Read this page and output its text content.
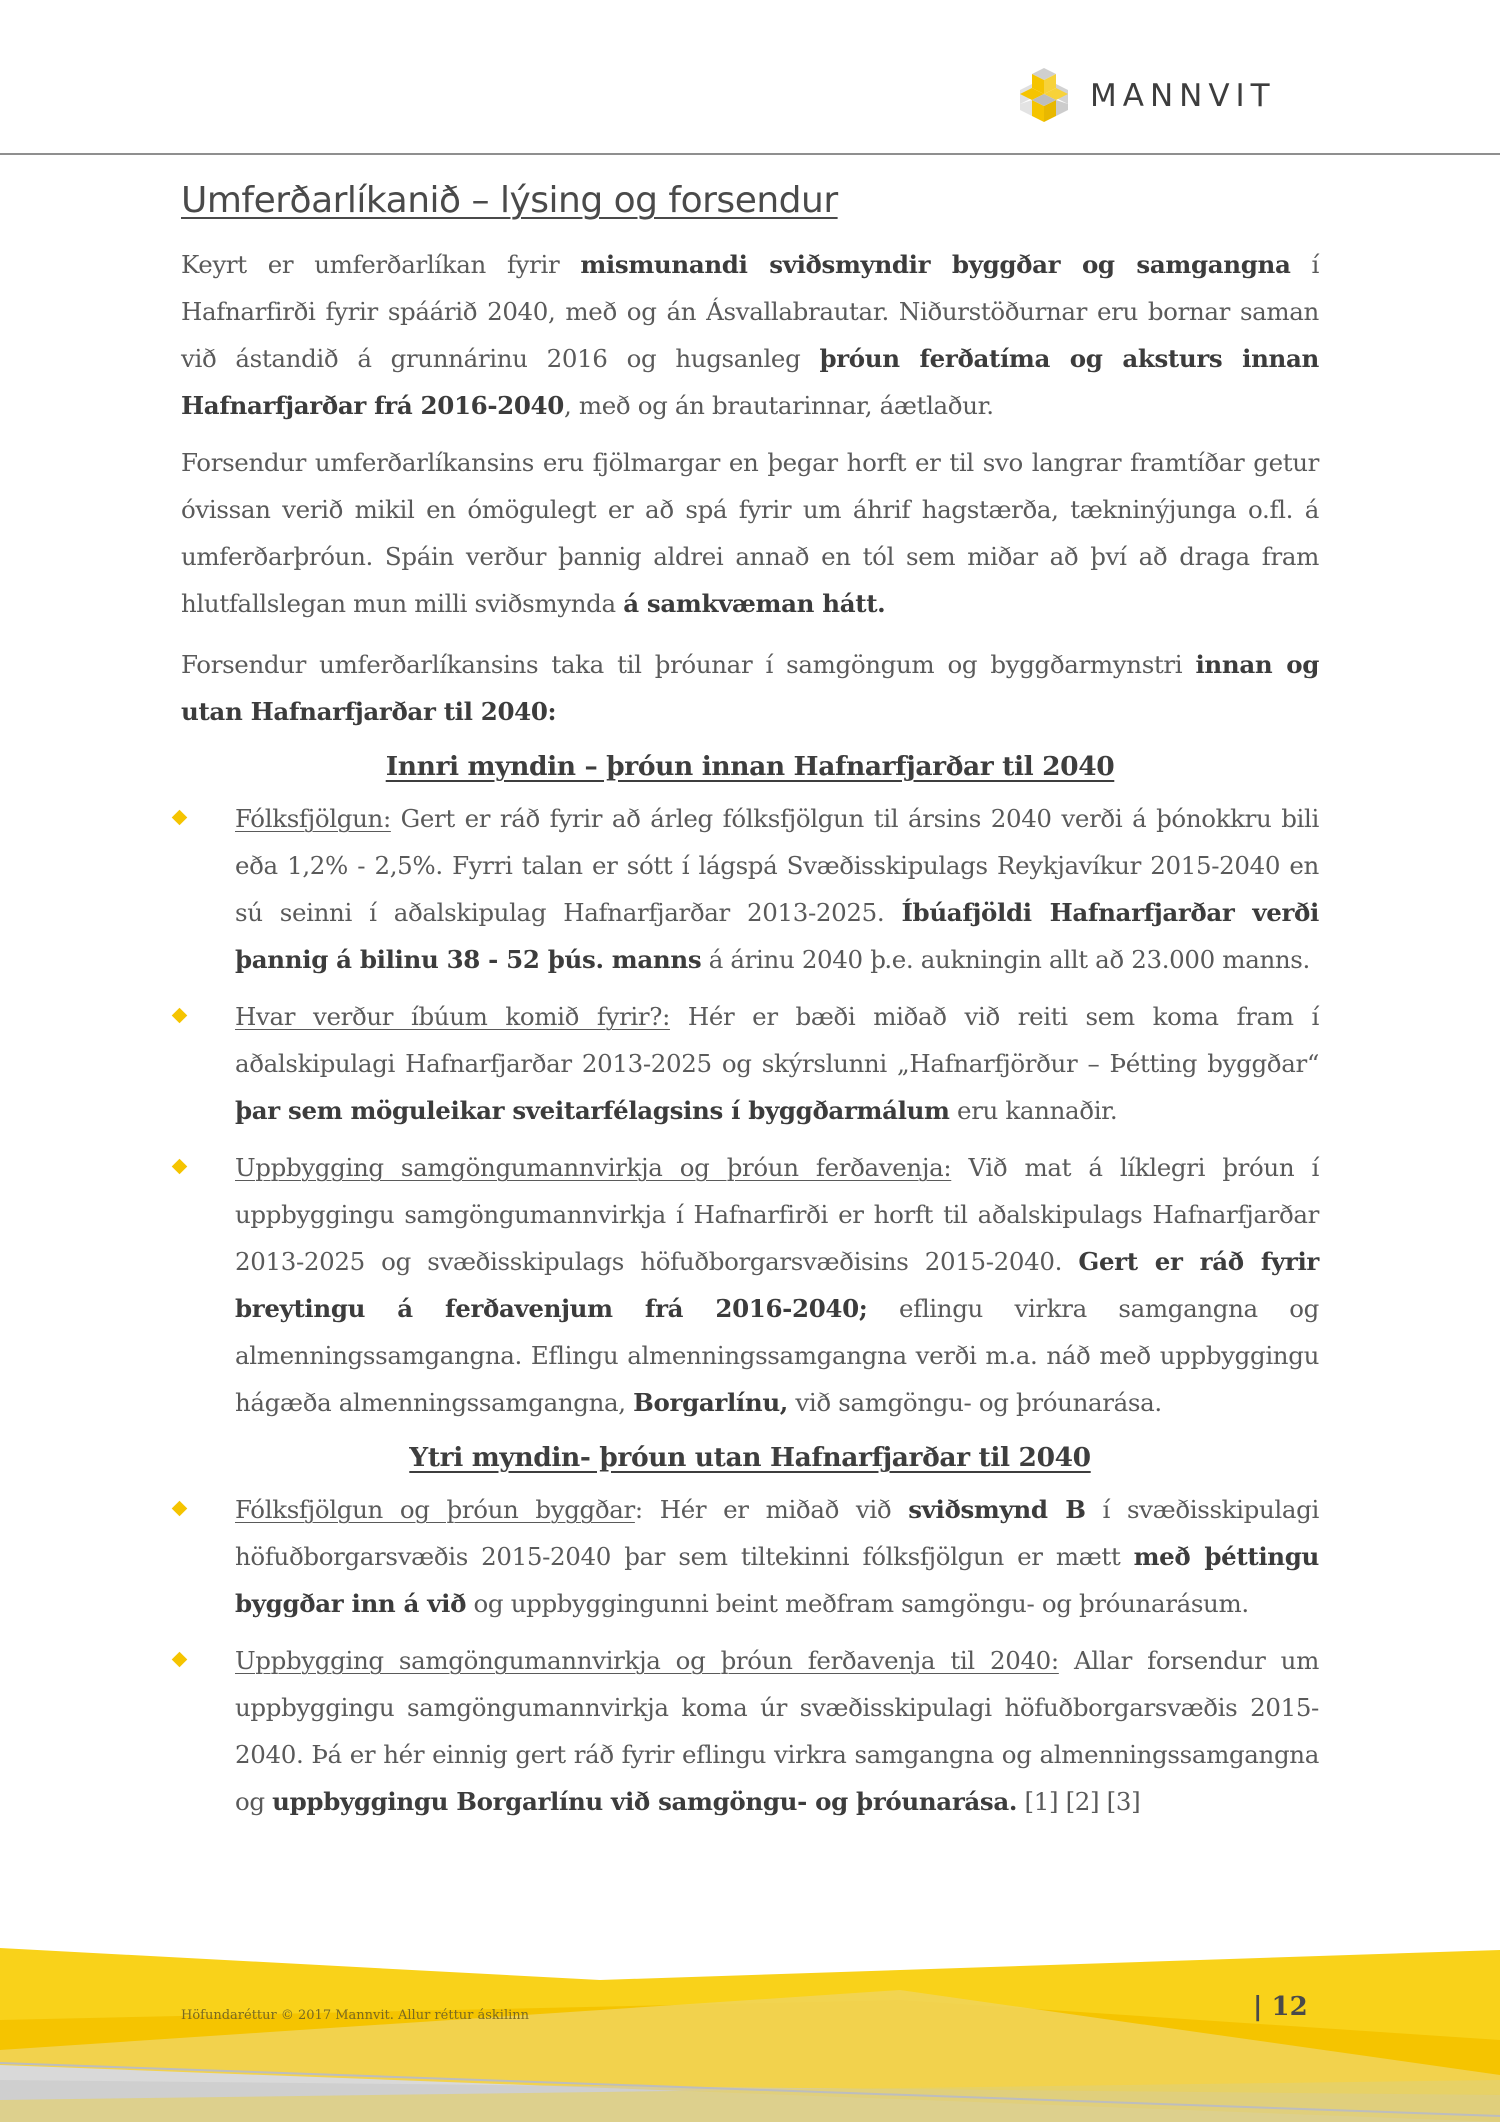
MANNVIT
Umferðarlíkanið – lýsing og forsendur

Keyrt er umferðarlíkan fyrir mismunandi sviðsmyndir byggðar og samgangna í Hafnarfirði fyrir spáárið 2040, með og án Ásvallabrautar. Niðurstöðurnar eru bornar saman við ástandið á grunnárinu 2016 og hugsanleg þróun ferðatíma og aksturs innan Hafnarfjarðar frá 2016-2040, með og án brautarinnar, áætlaður.

Forsendur umferðarlíkansins eru fjölmargar en þegar horft er til svo langrar framtíðar getur óvissan verið mikil en ómögulegt er að spá fyrir um áhrif hagstærða, tækninýjunga o.fl. á umferðarþróun. Spáin verður þannig aldrei annað en tól sem miðar að því að draga fram hlutfallslegan mun milli sviðsmynda á samkvæman hátt.

Forsendur umferðarlíkansins taka til þróunar í samgöngum og byggðarmynstri innan og utan Hafnarfjarðar til 2040:

Innri myndin – þróun innan Hafnarfjarðar til 2040
Fólksfjölgun: Gert er ráð fyrir að árleg fólksfjölgun til ársins 2040 verði á þónokkru bili eða 1,2% - 2,5%. Fyrri talan er sótt í lágspá Svæðisskipulags Reykjavíkur 2015-2040 en sú seinni í aðalskipulag Hafnarfjarðar 2013-2025. Íbúafjöldi Hafnarfjarðar verði þannig á bilinu 38 - 52 þús. manns á árinu 2040 þ.e. aukningin allt að 23.000 manns.
Hvar verður íbúum komið fyrir?: Hér er bæði miðað við reiti sem koma fram í aðalskipulagi Hafnarfjarðar 2013-2025 og skýrslunni „Hafnarfjörður – Þétting byggðar“ þar sem möguleikar sveitarfélagsins í byggðarmálum eru kannaðir.
Uppbygging samgöngumannvirkja og þróun ferðavenja: Við mat á líklegri þróun í uppbyggingu samgöngumannvirkja í Hafnarfirði er horft til aðalskipulags Hafnarfjarðar 2013-2025 og svæðisskipulags höfuðborgarsvæðisins 2015-2040. Gert er ráð fyrir breytingu á ferðavenjum frá 2016-2040; eflingu virkra samgangna og almenningssamgangna. Eflingu almenningssamgangna verði m.a. náð með uppbyggingu hágæða almenningssamgangna, Borgarlínu, við samgöngu- og þróunarása.
Ytri myndin- þróun utan Hafnarfjarðar til 2040
Fólksfjölgun og þróun byggðar: Hér er miðað við sviðsmynd B í svæðisskipulagi höfuðborgarsvæðis 2015-2040 þar sem tiltekinni fólksfjölgun er mætt með þéttingu byggðar inn á við og uppbyggingunni beint meðfram samgöngu- og þróunarásum.
Uppbygging samgöngumannvirkja og þróun ferðavenja til 2040: Allar forsendur um uppbyggingu samgöngumannvirkja koma úr svæðisskipulagi höfuðborgarsvæðis 2015-2040. Þá er hér einnig gert ráð fyrir eflingu virkra samgangna og almenningssamgangna og uppbyggingu Borgarlínu við samgöngu- og þróunarása. [1] [2] [3]
Höfundaréttur © 2017 Mannvit. Allur réttur áskilinn	| 12
